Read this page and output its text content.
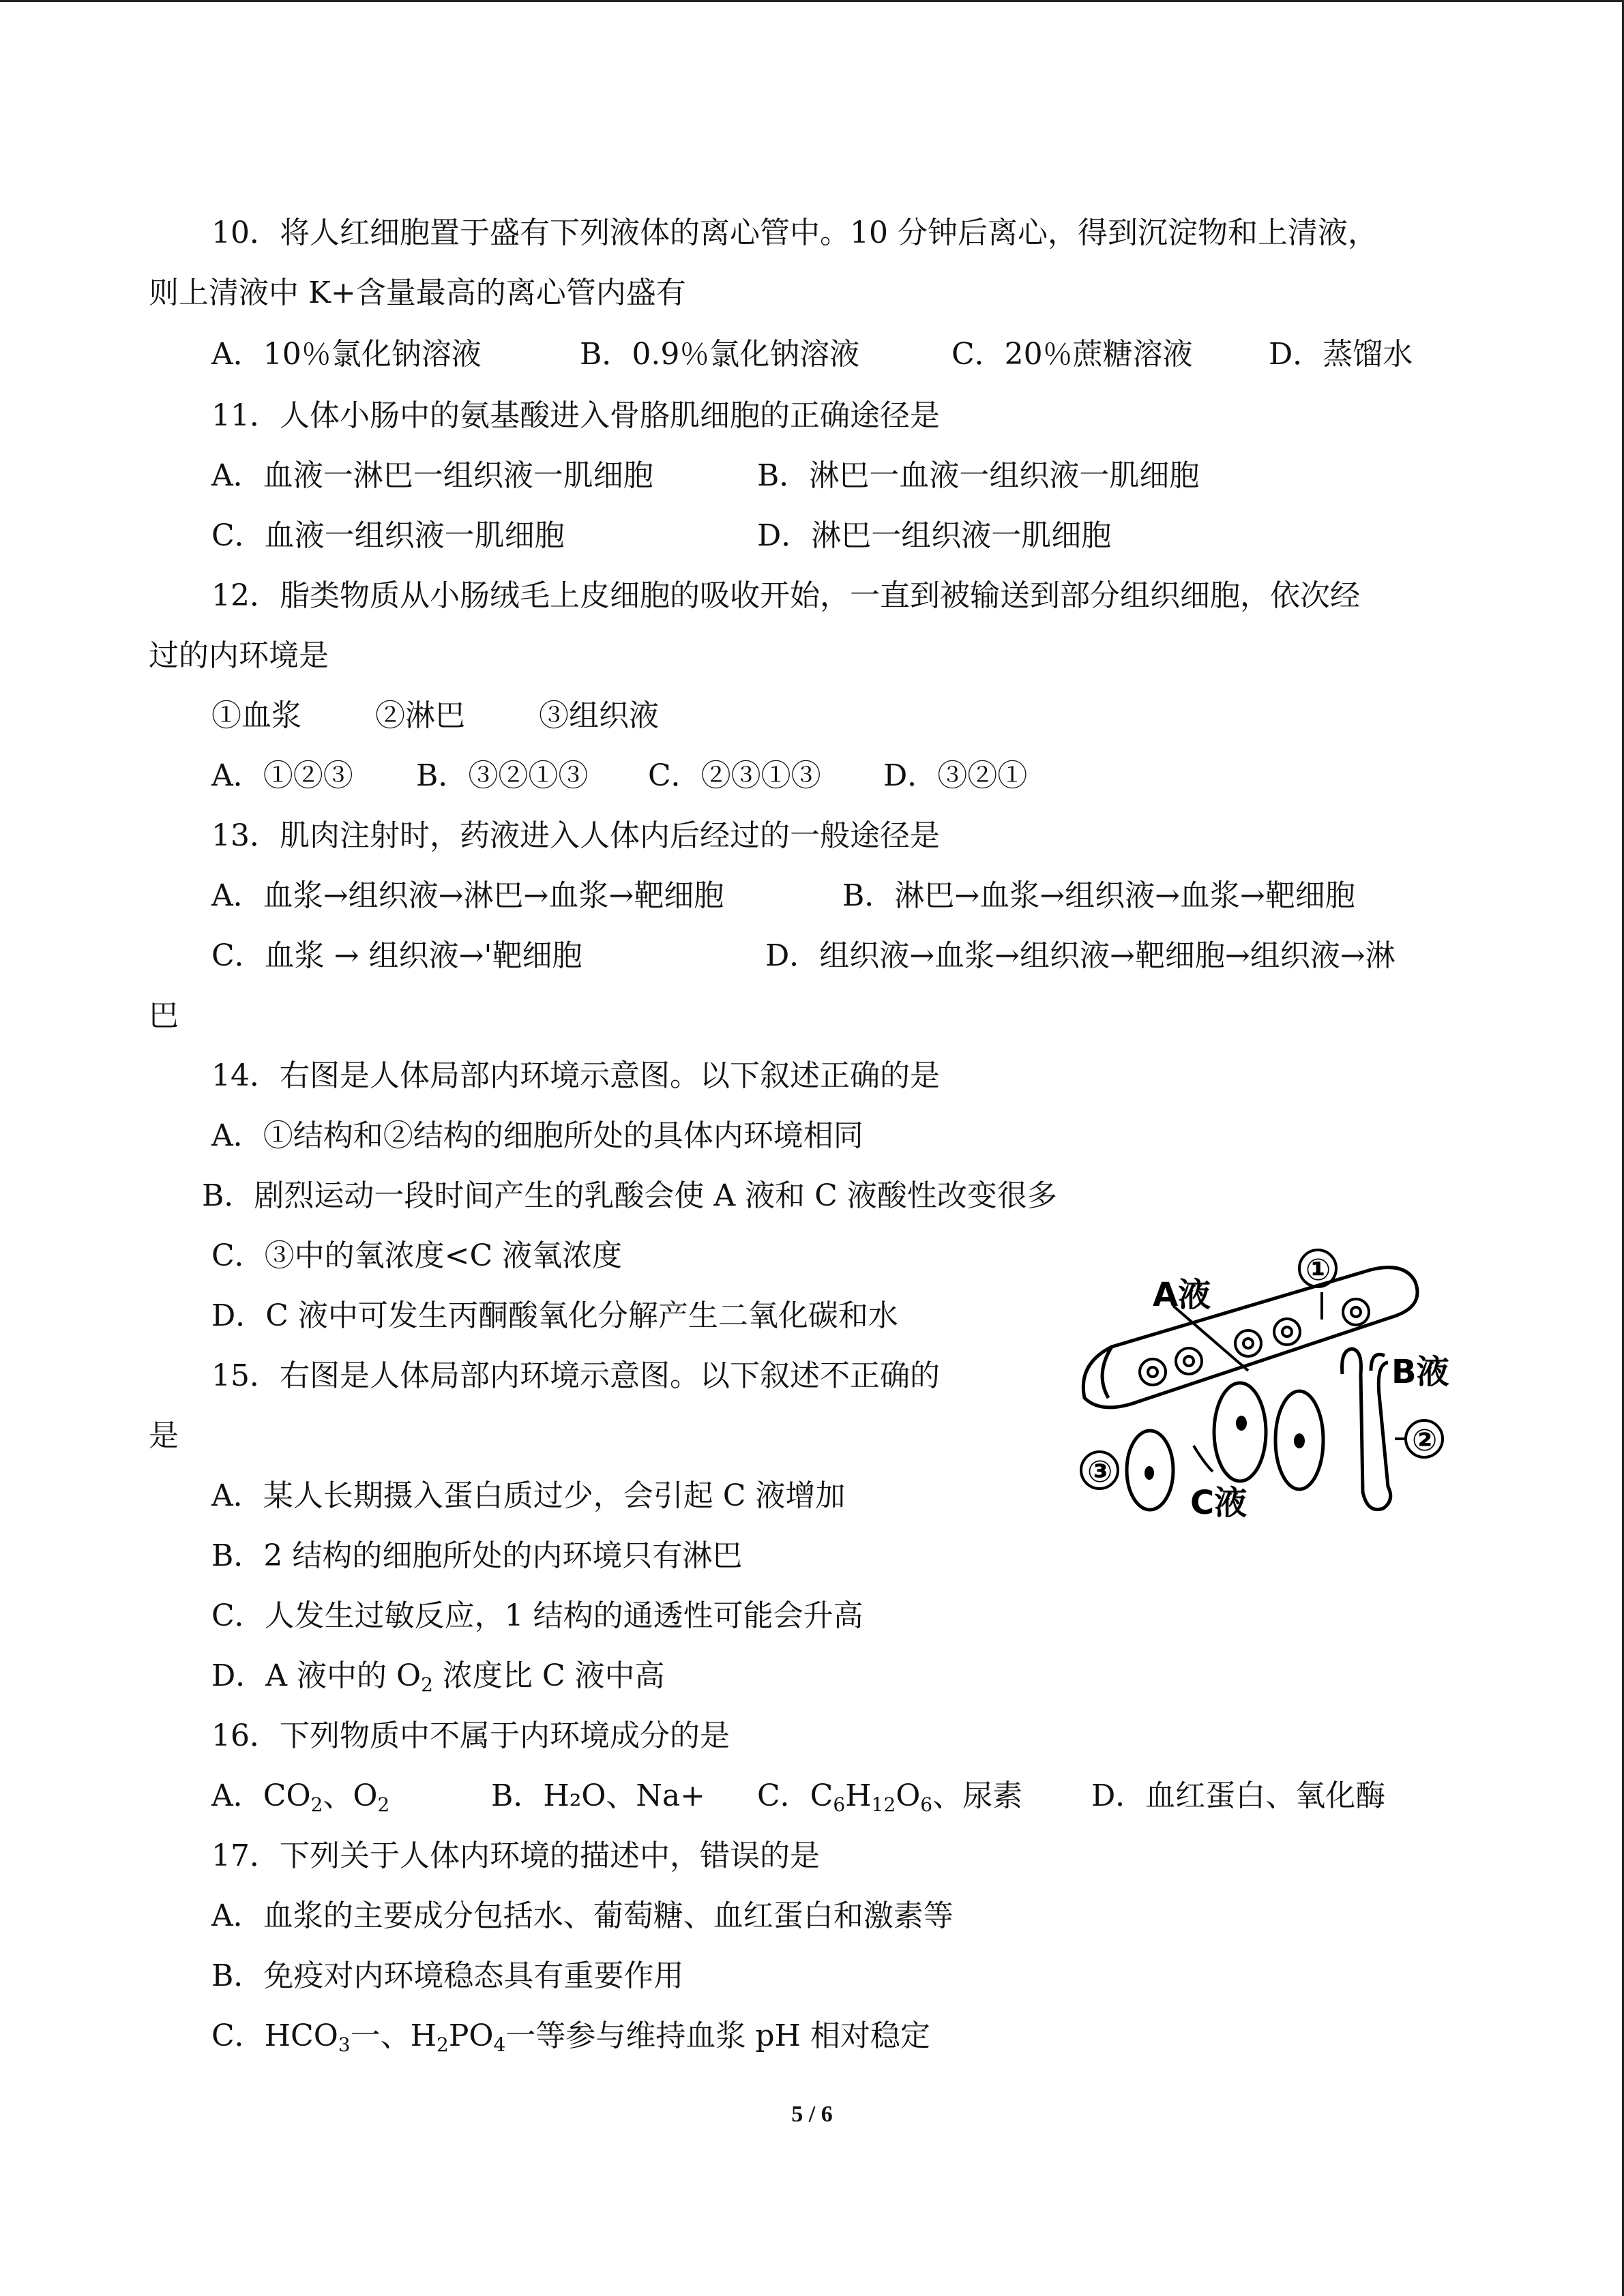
10．将人红细胞置于盛有下列液体的离心管中。10 分钟后离心，得到沉淀物和上清液，
则上清液中 K+含量最高的离心管内盛有
A．10％氯化钠溶液	B．0.9％氯化钠溶液	C．20％蔗糖溶液	D．蒸馏水
11．人体小肠中的氨基酸进入骨胳肌细胞的正确途径是
A．血液一淋巴一组织液一肌细胞	B．淋巴一血液一组织液一肌细胞
C．血液一组织液一肌细胞	D．淋巴一组织液一肌细胞
12．脂类物质从小肠绒毛上皮细胞的吸收开始，一直到被输送到部分组织细胞，依次经
过的内环境是
①血浆 ②淋巴 ③组织液
A．①②③ B．③②①③ C．②③①③ D．③②①
13．肌肉注射时，药液进入人体内后经过的一般途径是
A．血浆→组织液→淋巴→血浆→靶细胞	B．淋巴→血浆→组织液→血浆→靶细胞
C．血浆 → 组织液→'靶细胞	D．组织液→血浆→组织液→靶细胞→组织液→淋
巴
14．右图是人体局部内环境示意图。以下叙述正确的是
A．①结构和②结构的细胞所处的具体内环境相同
B．剧烈运动一段时间产生的乳酸会使 A 液和 C 液酸性改变很多
C．③中的氧浓度<C 液氧浓度
D．C 液中可发生丙酮酸氧化分解产生二氧化碳和水
15．右图是人体局部内环境示意图。以下叙述不正确的
是
A．某人长期摄入蛋白质过少，会引起 C 液增加
B．2 结构的细胞所处的内环境只有淋巴
C．人发生过敏反应，1 结构的通透性可能会升高
D．A 液中的 $O_2$ 浓度比 C 液中高
16．下列物质中不属于内环境成分的是
A．$CO_2$、$O_2$	B．H₂O、Na+ C．$C_6H_{12}O_6$、尿素 D．血红蛋白、氧化酶
17．下列关于人体内环境的描述中，错误的是
A．血浆的主要成分包括水、葡萄糖、血红蛋白和激素等
B．免疫对内环境稳态具有重要作用
C．$HCO_3$一、$H_2PO_4$一等参与维持血浆 pH 相对稳定
A液
B液
C液
①
②
③
5 / 6
